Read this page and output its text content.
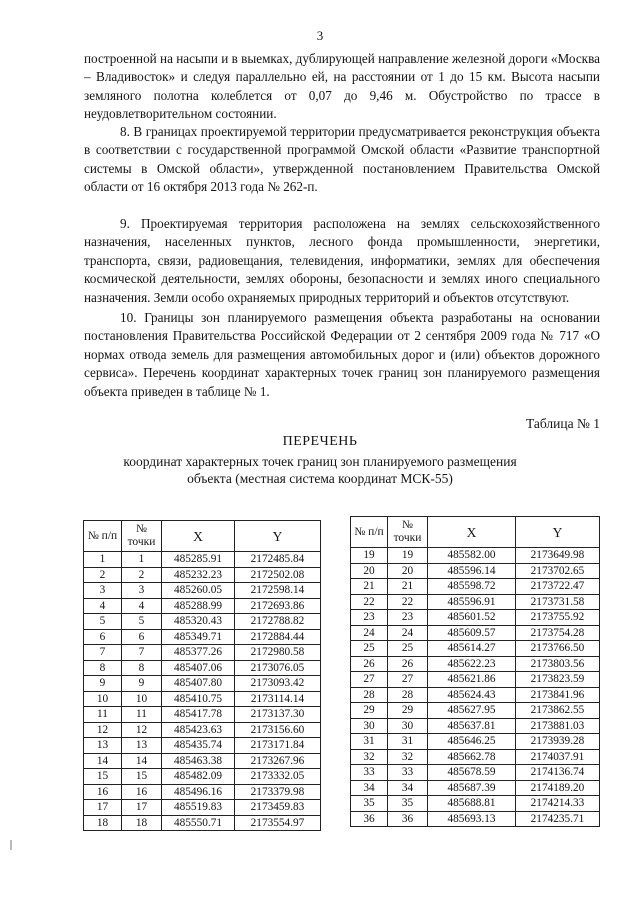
3

построенной на насыпи и в выемках, дублирующей направление железной дороги «Москва – Владивосток» и следуя параллельно ей, на расстоянии от 1 до 15 км. Высота насыпи земляного полотна колеблется от 0,07 до 9,46 м. Обустройство по трассе в неудовлетворительном состоянии.

8. В границах проектируемой территории предусматривается реконструкция объекта в соответствии с государственной программой Омской области «Развитие транспортной системы в Омской области», утвержденной постановлением Правительства Омской области от 16 октября 2013 года № 262-п.

9. Проектируемая территория расположена на землях сельскохозяйственного назначения, населенных пунктов, лесного фонда промышленности, энергетики, транспорта, связи, радиовещания, телевидения, информатики, землях для обеспечения космической деятельности, землях обороны, безопасности и землях иного специального назначения. Земли особо охраняемых природных территорий и объектов отсутствуют.

10. Границы зон планируемого размещения объекта разработаны на основании постановления Правительства Российской Федерации от 2 сентября 2009 года № 717 «О нормах отвода земель для размещения автомобильных дорог и (или) объектов дорожного сервиса». Перечень координат характерных точек границ зон планируемого размещения объекта приведен в таблице № 1.

Таблица № 1
ПЕРЕЧЕНЬ
координат характерных точек границ зон планируемого размещения объекта (местная система координат МСК-55)
№ п/п	№ точки	X	Y
1	1	485285.91	2172485.84
2	2	485232.23	2172502.08
3	3	485260.05	2172598.14
4	4	485288.99	2172693.86
5	5	485320.43	2172788.82
6	6	485349.71	2172884.44
7	7	485377.26	2172980.58
8	8	485407.06	2173076.05
9	9	485407.80	2173093.42
10	10	485410.75	2173114.14
11	11	485417.78	2173137.30
12	12	485423.63	2173156.60
13	13	485435.74	2173171.84
14	14	485463.38	2173267.96
15	15	485482.09	2173332.05
16	16	485496.16	2173379.98
17	17	485519.83	2173459.83
18	18	485550.71	2173554.97
№ п/п	№ точки	X	Y
19	19	485582.00	2173649.98
20	20	485596.14	2173702.65
21	21	485598.72	2173722.47
22	22	485596.91	2173731.58
23	23	485601.52	2173755.92
24	24	485609.57	2173754.28
25	25	485614.27	2173766.50
26	26	485622.23	2173803.56
27	27	485621.86	2173823.59
28	28	485624.43	2173841.96
29	29	485627.95	2173862.55
30	30	485637.81	2173881.03
31	31	485646.25	2173939.28
32	32	485662.78	2174037.91
33	33	485678.59	2174136.74
34	34	485687.39	2174189.20
35	35	485688.81	2174214.33
36	36	485693.13	2174235.71
